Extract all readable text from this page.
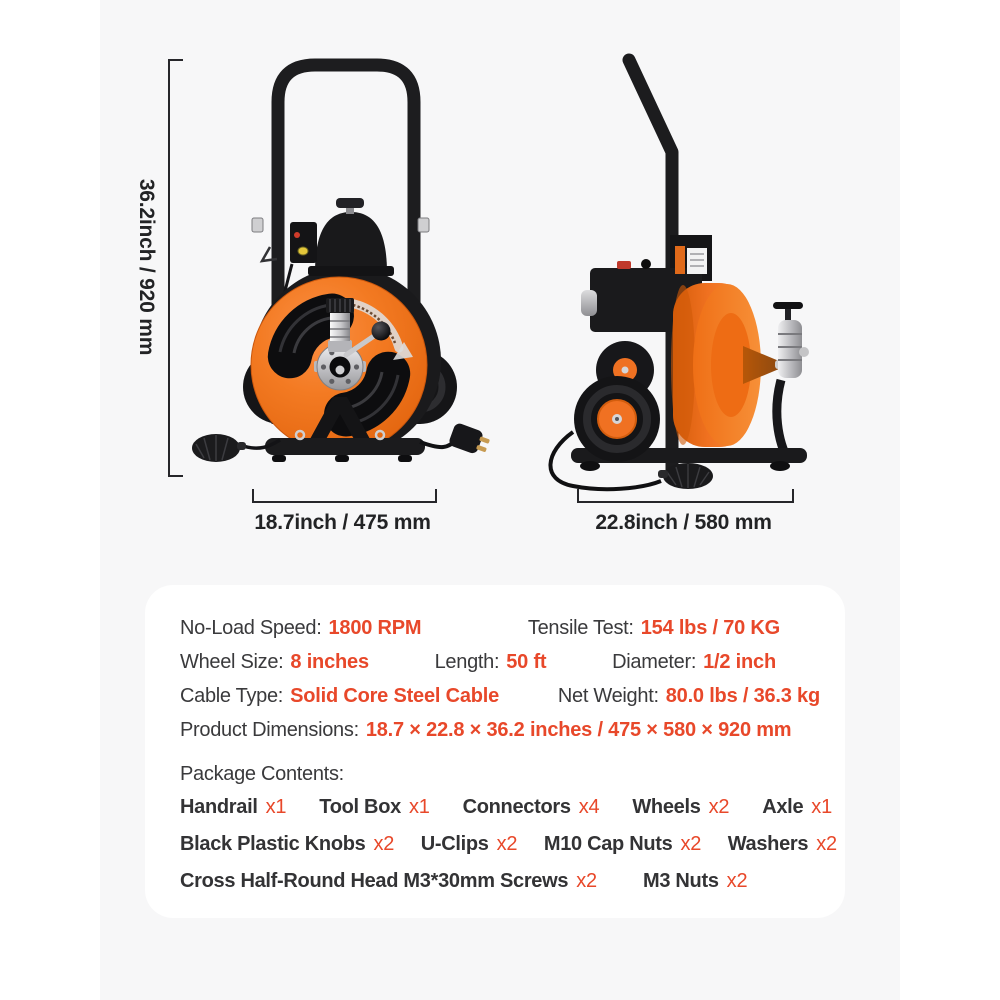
36.2inch / 920 mm
18.7inch / 475 mm	22.8inch / 580 mm
No-Load Speed: 1800 RPM	Tensile Test: 154 lbs / 70 KG
Wheel Size: 8 inches	Length: 50 ft	Diameter: 1/2 inch
Cable Type: Solid Core Steel Cable	Net Weight: 80.0 lbs / 36.3 kg
Product Dimensions: 18.7 × 22.8 × 36.2 inches / 475 × 580 × 920 mm
Package Contents:
Handrail x1 Tool Box x1 Connectors x4 Wheels x2 Axle x1
Black Plastic Knobs x2 U-Clips x2 M10 Cap Nuts x2 Washers x2
Cross Half-Round Head M3*30mm Screws x2 M3 Nuts x2
